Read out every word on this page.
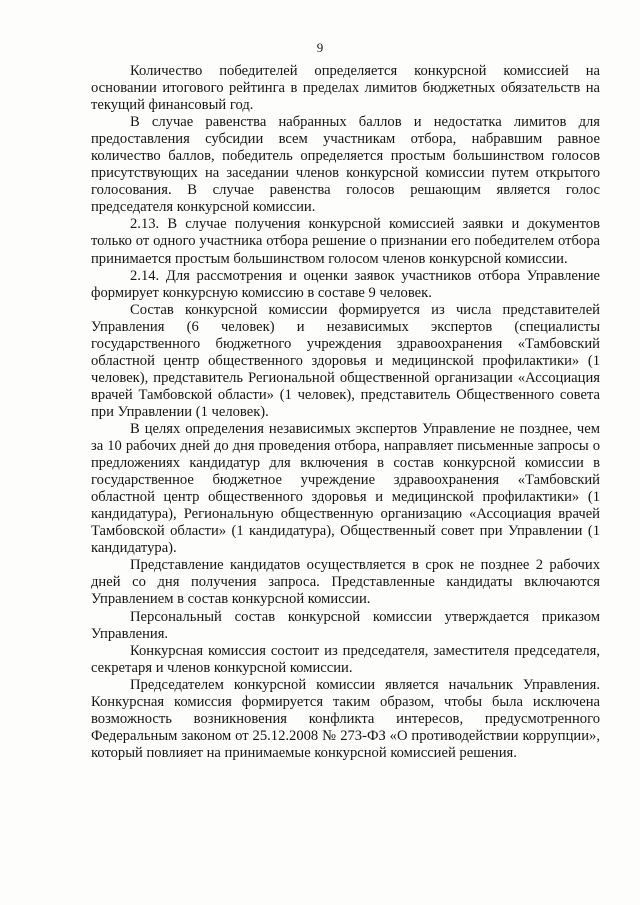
9

Количество победителей определяется конкурсной комиссией на основании итогового рейтинга в пределах лимитов бюджетных обязательств на текущий финансовый год.

В случае равенства набранных баллов и недостатка лимитов для предоставления субсидии всем участникам отбора, набравшим равное количество баллов, победитель определяется простым большинством голосов присутствующих на заседании членов конкурсной комиссии путем открытого голосования. В случае равенства голосов решающим является голос председателя конкурсной комиссии.

2.13. В случае получения конкурсной комиссией заявки и документов только от одного участника отбора решение о признании его победителем отбора принимается простым большинством голосом членов конкурсной комиссии.

2.14. Для рассмотрения и оценки заявок участников отбора Управление формирует конкурсную комиссию в составе 9 человек.

Состав конкурсной комиссии формируется из числа представителей Управления (6 человек) и независимых экспертов (специалисты государственного бюджетного учреждения здравоохранения «Тамбовский областной центр общественного здоровья и медицинской профилактики» (1 человек), представитель Региональной общественной организации «Ассоциация врачей Тамбовской области» (1 человек), представитель Общественного совета при Управлении (1 человек).

В целях определения независимых экспертов Управление не позднее, чем за 10 рабочих дней до дня проведения отбора, направляет письменные запросы о предложениях кандидатур для включения в состав конкурсной комиссии в государственное бюджетное учреждение здравоохранения «Тамбовский областной центр общественного здоровья и медицинской профилактики» (1 кандидатура), Региональную общественную организацию «Ассоциация врачей Тамбовской области» (1 кандидатура), Общественный совет при Управлении (1 кандидатура).

Представление кандидатов осуществляется в срок не позднее 2 рабочих дней со дня получения запроса. Представленные кандидаты включаются Управлением в состав конкурсной комиссии.

Персональный состав конкурсной комиссии утверждается приказом Управления.

Конкурсная комиссия состоит из председателя, заместителя председателя, секретаря и членов конкурсной комиссии.

Председателем конкурсной комиссии является начальник Управления. Конкурсная комиссия формируется таким образом, чтобы была исключена возможность возникновения конфликта интересов, предусмотренного Федеральным законом от 25.12.2008 № 273-ФЗ «О противодействии коррупции», который повлияет на принимаемые конкурсной комиссией решения.
